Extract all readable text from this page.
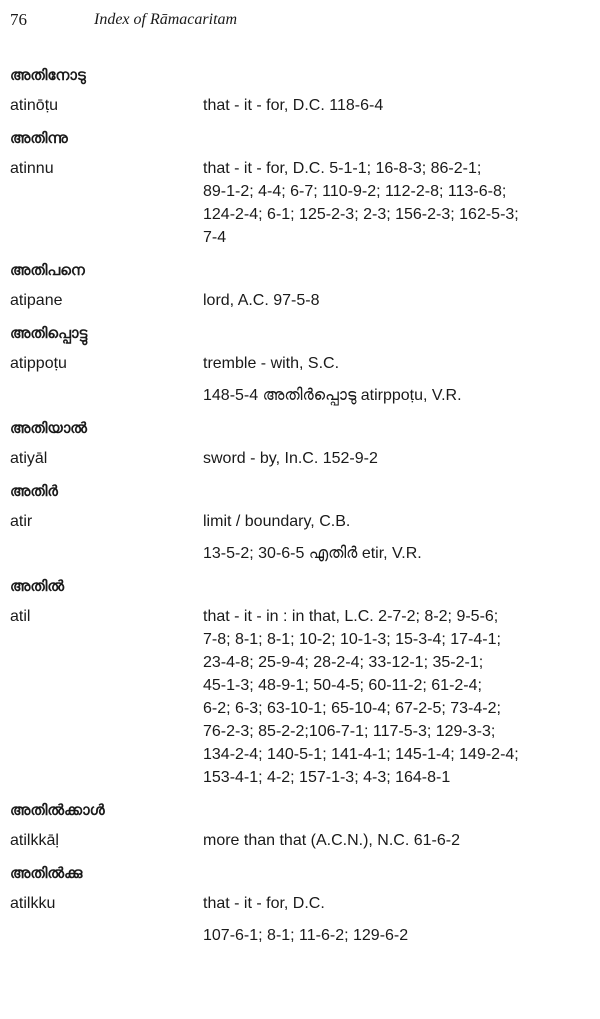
76	Index of Rāmacaritam
അതിനോടു
atinōṭu	that - it - for, D.C. 118-6-4
അതിന്നു
atinnu	that - it - for, D.C. 5-1-1; 16-8-3; 86-2-1;
89-1-2; 4-4; 6-7; 110-9-2; 112-2-8; 113-6-8;
124-2-4; 6-1; 125-2-3; 2-3; 156-2-3; 162-5-3;
7-4
അതിപനെ
atipane	lord, A.C. 97-5-8
അതിപ്പൊട്ടു
atippoṭu	tremble - with, S.C.
148-5-4 അതിർപ്പൊടു atirppoṭu, V.R.
അതിയാൽ
atiyāl	sword - by, In.C. 152-9-2
അതിർ
atir	limit / boundary, C.B.
13-5-2; 30-6-5 എതിർ etir, V.R.
അതിൽ
atil	that - it - in : in that, L.C. 2-7-2; 8-2; 9-5-6;
7-8; 8-1; 8-1; 10-2; 10-1-3; 15-3-4; 17-4-1;
23-4-8; 25-9-4; 28-2-4; 33-12-1; 35-2-1;
45-1-3; 48-9-1; 50-4-5; 60-11-2; 61-2-4;
6-2; 6-3; 63-10-1; 65-10-4; 67-2-5; 73-4-2;
76-2-3; 85-2-2;106-7-1; 117-5-3; 129-3-3;
134-2-4; 140-5-1; 141-4-1; 145-1-4; 149-2-4;
153-4-1; 4-2; 157-1-3; 4-3; 164-8-1
അതിൽക്കാൾ
atilkkāḷ	more than that (A.C.N.), N.C. 61-6-2
അതിൽക്കു
atilkku	that - it - for, D.C.
107-6-1; 8-1; 11-6-2; 129-6-2
